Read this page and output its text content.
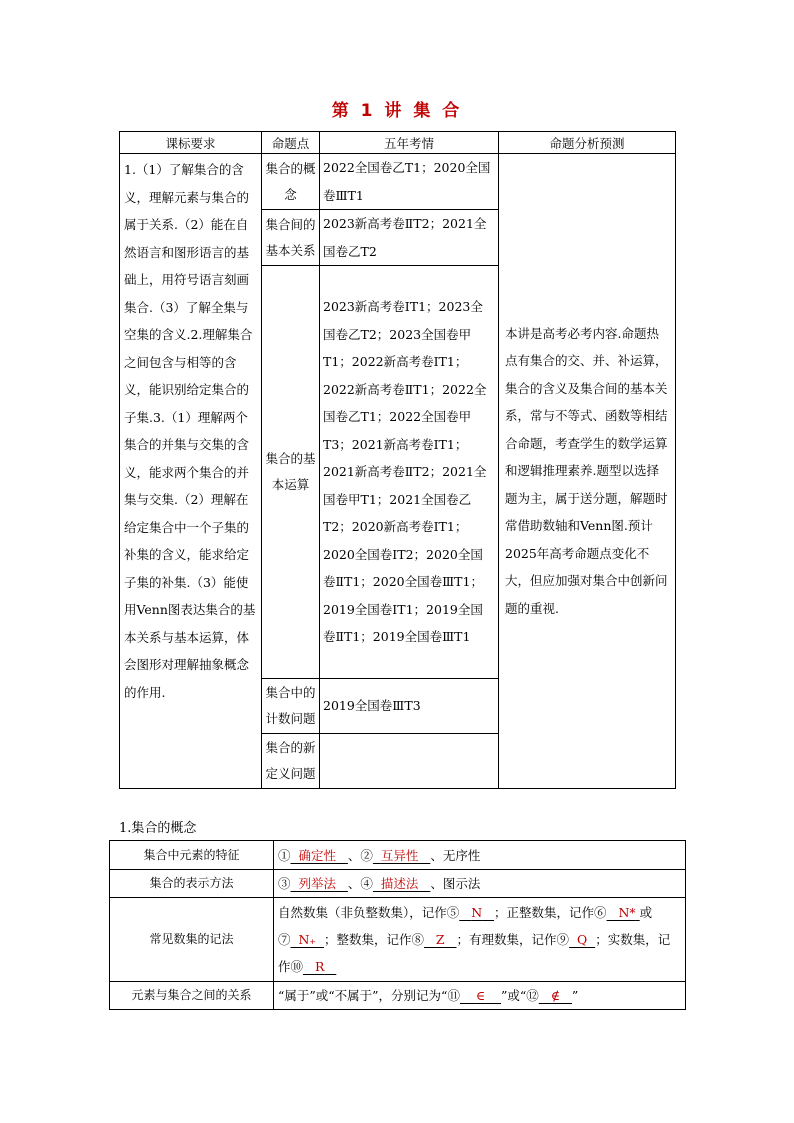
第 1 讲 集 合
课标要求	命题点	五年考情	命题分析预测
1.（1）了解集合的含义，理解元素与集合的属于关系.（2）能在自然语言和图形语言的基础上，用符号语言刻画集合.（3）了解全集与空集的含义.2.理解集合之间包含与相等的含义，能识别给定集合的子集.3.（1）理解两个集合的并集与交集的含义，能求两个集合的并集与交集.（2）理解在给定集合中一个子集的补集的含义，能求给定子集的补集.（3）能使用Venn图表达集合的基本关系与基本运算，体会图形对理解抽象概念的作用.	集合的概念	2022全国卷乙T1；2020全国卷ⅢT1	本讲是高考必考内容.命题热点有集合的交、并、补运算，集合的含义及集合间的基本关系，常与不等式、函数等相结合命题，考查学生的数学运算和逻辑推理素养.题型以选择题为主，属于送分题，解题时常借助数轴和Venn图.预计2025年高考命题点变化不大，但应加强对集合中创新问题的重视.
	集合间的基本关系	2023新高考卷ⅡT2；2021全国卷乙T2	
	集合的基本运算	2023新高考卷ⅠT1；2023全国卷乙T2；2023全国卷甲T1；2022新高考卷ⅠT1；2022新高考卷ⅡT1；2022全国卷乙T1；2022全国卷甲T3；2021新高考卷ⅠT1；2021新高考卷ⅡT2；2021全国卷甲T1；2021全国卷乙T2；2020新高考卷ⅠT1；2020全国卷ⅠT2；2020全国卷ⅡT1；2020全国卷ⅢT1；2019全国卷ⅠT1；2019全国卷ⅡT1；2019全国卷ⅢT1	
	集合中的计数问题	2019全国卷ⅢT3	
	集合的新定义问题		
1.集合的概念
集合中元素的特征	① 确定性 、② 互异性 、无序性
集合的表示方法	③ 列举法 、④ 描述法 、图示法
常见数集的记法	自然数集（非负整数集），记作⑤ N ；正整数集，记作⑥ N* 或⑦ N₊ ；整数集，记作⑧ Z ；有理数集，记作⑨ Q ；实数集，记作⑩ R
元素与集合之间的关系	“属于”或“不属于”，分别记为“⑪ ∈ ”或“⑫ ∉ ”
